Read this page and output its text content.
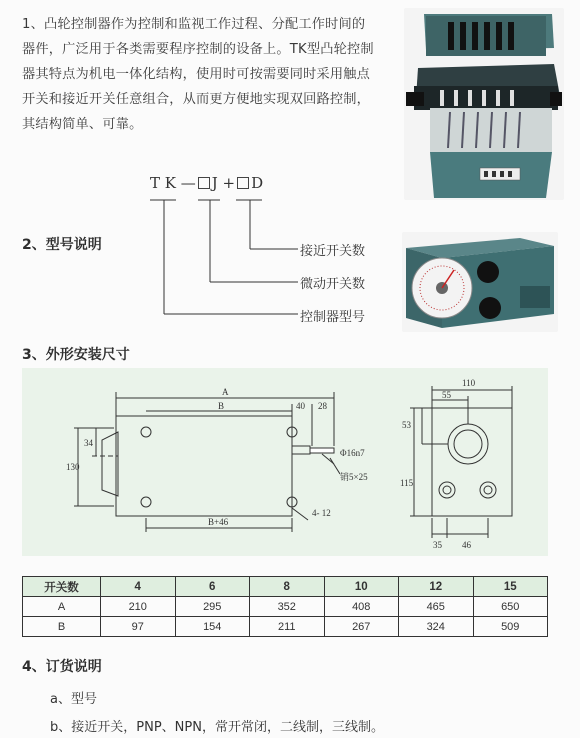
1、凸轮控制器作为控制和监视工作过程、分配工作时间的
器件，广泛用于各类需要程序控制的设备上。TK型凸轮控制
器其特点为机电一体化结构，使用时可按需要同时采用触点
开关和接近开关任意组合，从而更方便地实现双回路控制，
其结构简单、可靠。
T K — J + D
接近开关数
微动开关数
控制器型号
2、型号说明
3、外形安装尺寸
A
B	40 28
34
130
B+46
4- 12
Φ16n7
销5×25
110
55
53
115
35 46
开关数	4	6	8	10	12	15
A	210	295	352	408	465	650
B	97	154	211	267	324	509
4、订货说明
a、型号
b、接近开关，PNP、NPN，常开常闭，二线制，三线制。
